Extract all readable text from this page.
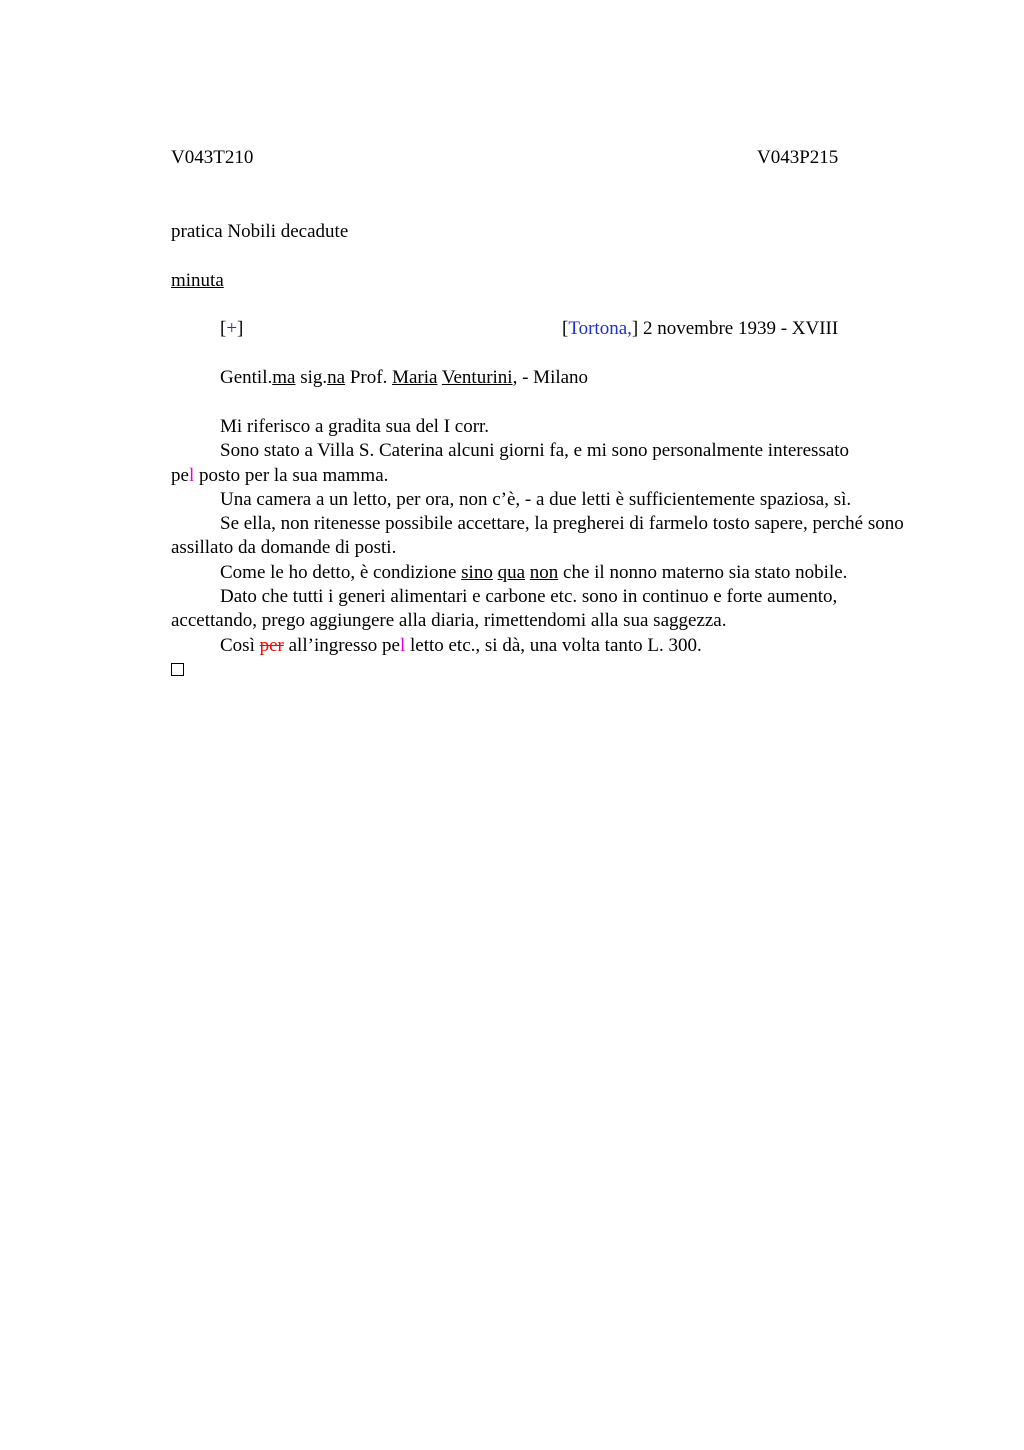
V043T210	V043P215
pratica Nobili decadute
minuta
[+]	[Tortona,] 2 novembre 1939 - XVIII
Gentil.ma sig.na Prof. Maria Venturini, - Milano

Mi riferisco a gradita sua del I corr.

Sono stato a Villa S. Caterina alcuni giorni fa, e mi sono personalmente interessato

pel posto per la sua mamma.

Una camera a un letto, per ora, non c’è, - a due letti è sufficientemente spaziosa, sì.

Se ella, non ritenesse possibile accettare, la pregherei di farmelo tosto sapere, perché sono assillato da domande di posti.

Come le ho detto, è condizione sino qua non che il nonno materno sia stato nobile.

Dato che tutti i generi alimentari e carbone etc. sono in continuo e forte aumento, accettando, prego aggiungere alla diaria, rimettendomi alla sua saggezza.

Così per all’ingresso pel letto etc., si dà, una volta tanto L. 300.
